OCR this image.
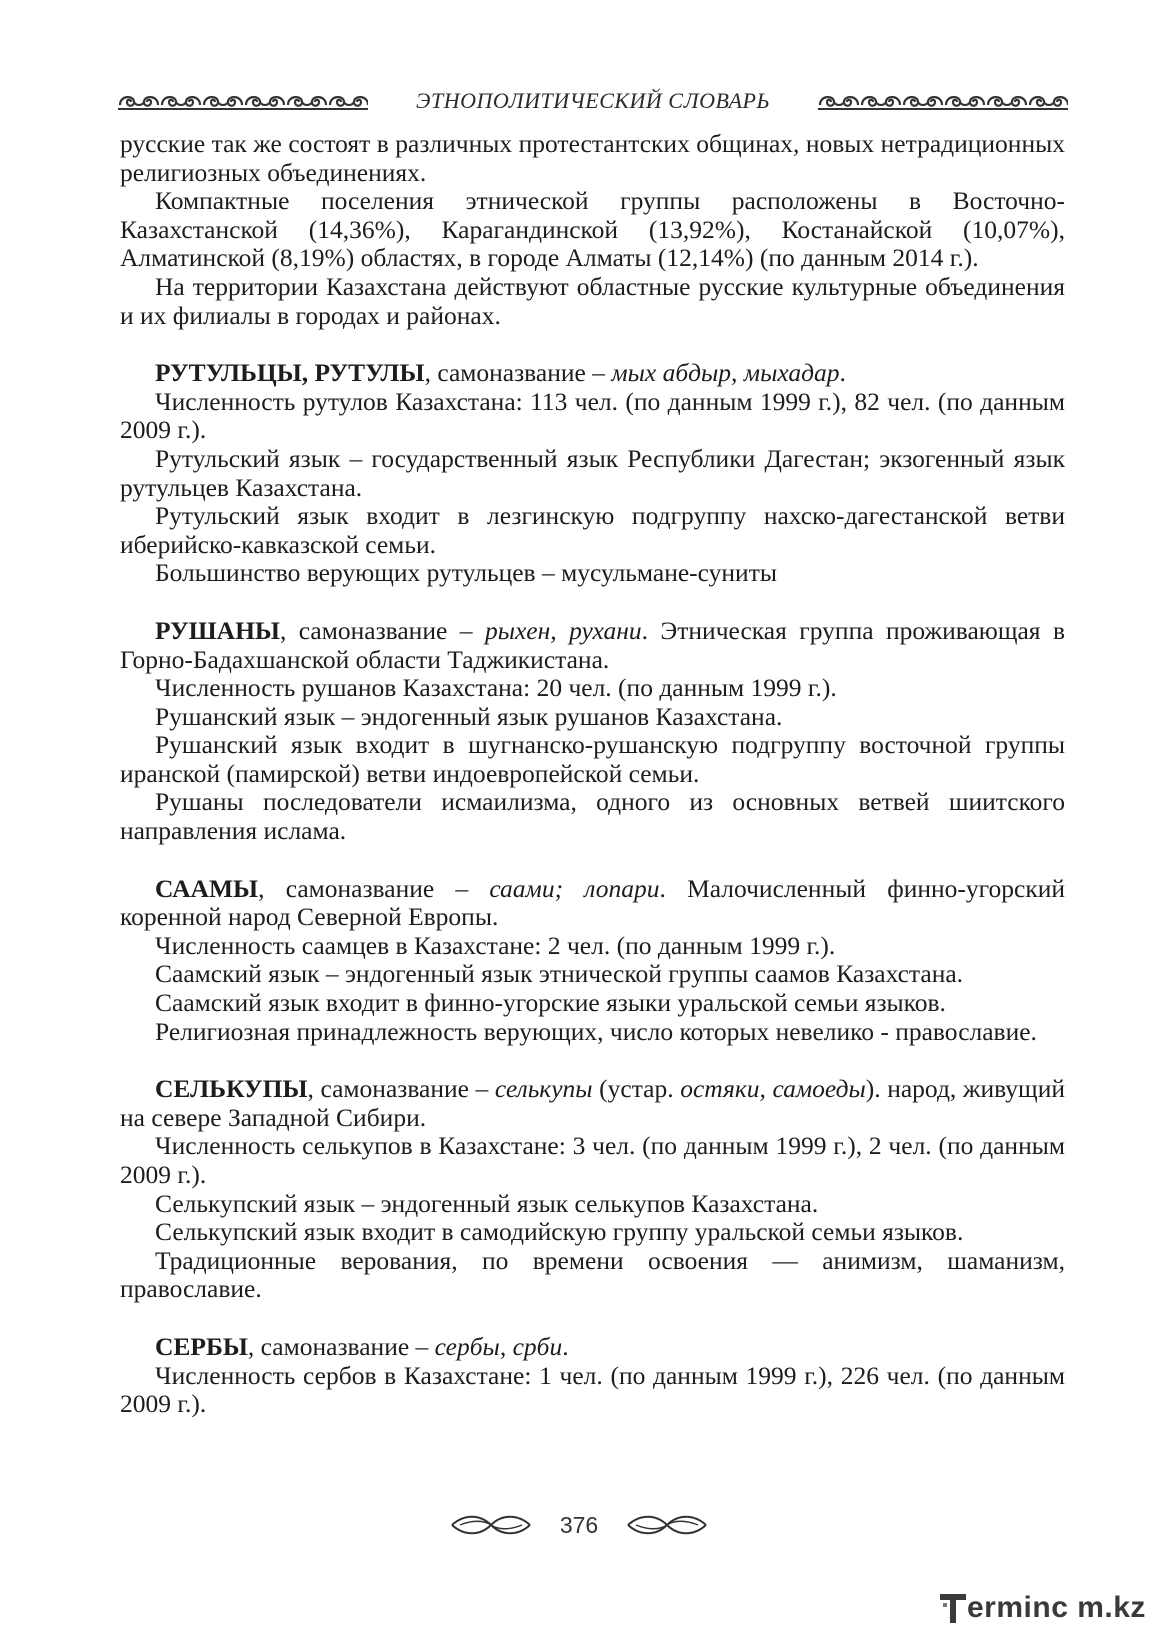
ЭТНОПОЛИТИЧЕСКИЙ СЛОВАРЬ

русские так же состоят в различных протестантских общинах, новых нетрадиционных религиозных объединениях.

Компактные поселения этнической группы расположены в Восточно-Казахстанской (14,36%), Карагандинской (13,92%), Костанайской (10,07%), Алматинской (8,19%) областях, в городе Алматы (12,14%) (по данным 2014 г.).

На территории Казахстана действуют областные русские культурные объединения и их филиалы в городах и районах.

РУТУЛЬЦЫ, РУТУЛЫ, самоназвание – мых абдыр, мыхадар.

Численность рутулов Казахстана: 113 чел. (по данным 1999 г.), 82 чел. (по данным 2009 г.).

Рутульский язык – государственный язык Республики Дагестан; экзогенный язык рутульцев Казахстана.

Рутульский язык входит в лезгинскую подгруппу нахско-дагестанской ветви иберийско-кавказской семьи.

Большинство верующих рутульцев – мусульмане-суниты

РУШАНЫ, самоназвание – рыхен, рухани. Этническая группа проживающая в Горно-Бадахшанской области Таджикистана.

Численность рушанов Казахстана: 20 чел. (по данным 1999 г.).

Рушанский язык – эндогенный язык рушанов Казахстана.

Рушанский язык входит в шугнанско-рушанскую подгруппу восточной группы иранской (памирской) ветви индоевропейской семьи.

Рушаны последователи исмаилизма, одного из основных ветвей шиитского направления ислама.

СААМЫ, самоназвание – саами; лопари. Малочисленный финно-угорский коренной народ Северной Европы.

Численность саамцев в Казахстане: 2 чел. (по данным 1999 г.).

Саамский язык – эндогенный язык этнической группы саамов Казахстана.

Саамский язык входит в финно-угорские языки уральской семьи языков.

Религиозная принадлежность верующих, число которых невелико - православие.

СЕЛЬКУПЫ, самоназвание – селькупы (устар. остяки, самоеды). народ, живущий на севере Западной Сибири.

Численность селькупов в Казахстане: 3 чел. (по данным 1999 г.), 2 чел. (по данным 2009 г.).

Селькупский язык – эндогенный язык селькупов Казахстана.

Селькупский язык входит в самодийскую группу уральской семьи языков.

Традиционные верования, по времени освоения — анимизм, шаманизм, православие.

СЕРБЫ, самоназвание – сербы, срби.

Численность сербов в Казахстане: 1 чел. (по данным 1999 г.), 226 чел. (по данным 2009 г.).

376
erminc m.kz
